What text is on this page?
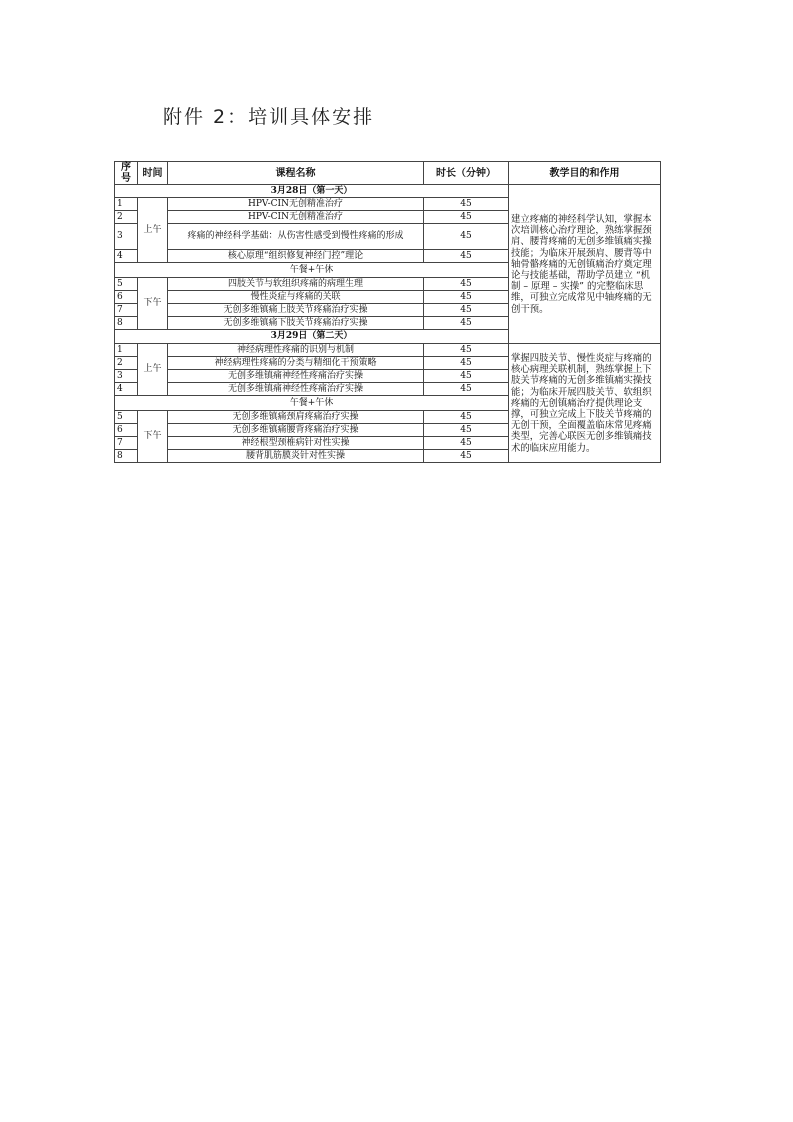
附件 2：培训具体安排
序号	时间	课程名称	时长（分钟）	教学目的和作用
3月28日（第一天）				建立疼痛的神经科学认知，掌握本次培训核心治疗理论，熟练掌握颈肩、腰背疼痛的无创多维镇痛实操技能；为临床开展颈肩、腰背等中轴骨骼疼痛的无创镇痛治疗奠定理论与技能基础，帮助学员建立 “机制 – 原理 – 实操” 的完整临床思维，可独立完成常见中轴疼痛的无创干预。
1	上午	HPV-CIN无创精准治疗	45	
2		HPV-CIN无创精准治疗	45	
3		疼痛的神经科学基础：从伤害性感受到慢性疼痛的形成	45	
4		核心原理“组织修复神经门控”理论	45	
午餐+午休				
5	下午	四肢关节与软组织疼痛的病理生理	45	
6		慢性炎症与疼痛的关联	45	
7		无创多维镇痛上肢关节疼痛治疗实操	45	
8		无创多维镇痛下肢关节疼痛治疗实操	45	
3月29日（第二天）				
1	上午	神经病理性疼痛的识别与机制	45	掌握四肢关节、慢性炎症与疼痛的核心病理关联机制，熟练掌握上下肢关节疼痛的无创多维镇痛实操技能；为临床开展四肢关节、软组织疼痛的无创镇痛治疗提供理论支撑，可独立完成上下肢关节疼痛的无创干预，全面覆盖临床常见疼痛类型，完善心联医无创多维镇痛技术的临床应用能力。
2		神经病理性疼痛的分类与精细化干预策略	45	
3		无创多维镇痛神经性疼痛治疗实操	45	
4		无创多维镇痛神经性疼痛治疗实操	45	
午餐+午休				
5	下午	无创多维镇痛颈肩疼痛治疗实操	45	
6		无创多维镇痛腰背疼痛治疗实操	45	
7		神经根型颈椎病针对性实操	45	
8		腰背肌筋膜炎针对性实操	45	
